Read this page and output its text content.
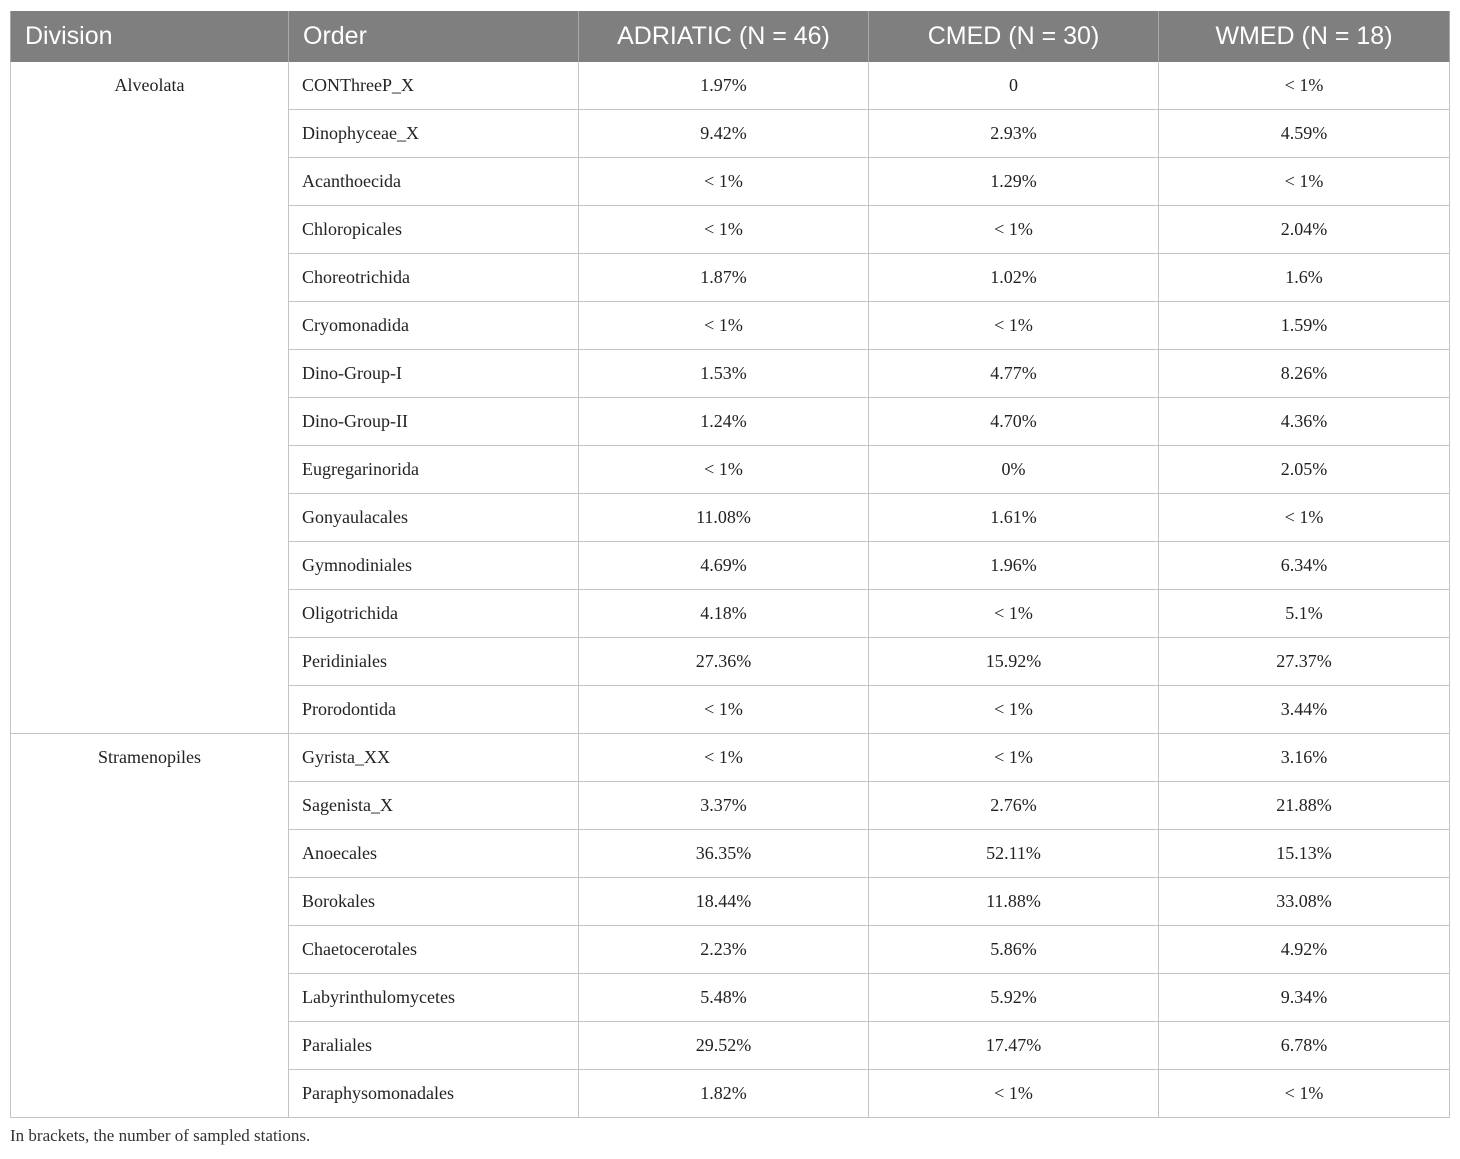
Division	Order	ADRIATIC (N = 46)	CMED (N = 30)	WMED (N = 18)
Alveolata	CONThreeP_X	1.97%	0	< 1%
	Dinophyceae_X	9.42%	2.93%	4.59%
	Acanthoecida	< 1%	1.29%	< 1%
	Chloropicales	< 1%	< 1%	2.04%
	Choreotrichida	1.87%	1.02%	1.6%
	Cryomonadida	< 1%	< 1%	1.59%
	Dino-Group-I	1.53%	4.77%	8.26%
	Dino-Group-II	1.24%	4.70%	4.36%
	Eugregarinorida	< 1%	0%	2.05%
	Gonyaulacales	11.08%	1.61%	< 1%
	Gymnodiniales	4.69%	1.96%	6.34%
	Oligotrichida	4.18%	< 1%	5.1%
	Peridiniales	27.36%	15.92%	27.37%
	Prorodontida	< 1%	< 1%	3.44%
Stramenopiles	Gyrista_XX	< 1%	< 1%	3.16%
	Sagenista_X	3.37%	2.76%	21.88%
	Anoecales	36.35%	52.11%	15.13%
	Borokales	18.44%	11.88%	33.08%
	Chaetocerotales	2.23%	5.86%	4.92%
	Labyrinthulomycetes	5.48%	5.92%	9.34%
	Paraliales	29.52%	17.47%	6.78%
	Paraphysomonadales	1.82%	< 1%	< 1%
In brackets, the number of sampled stations.
